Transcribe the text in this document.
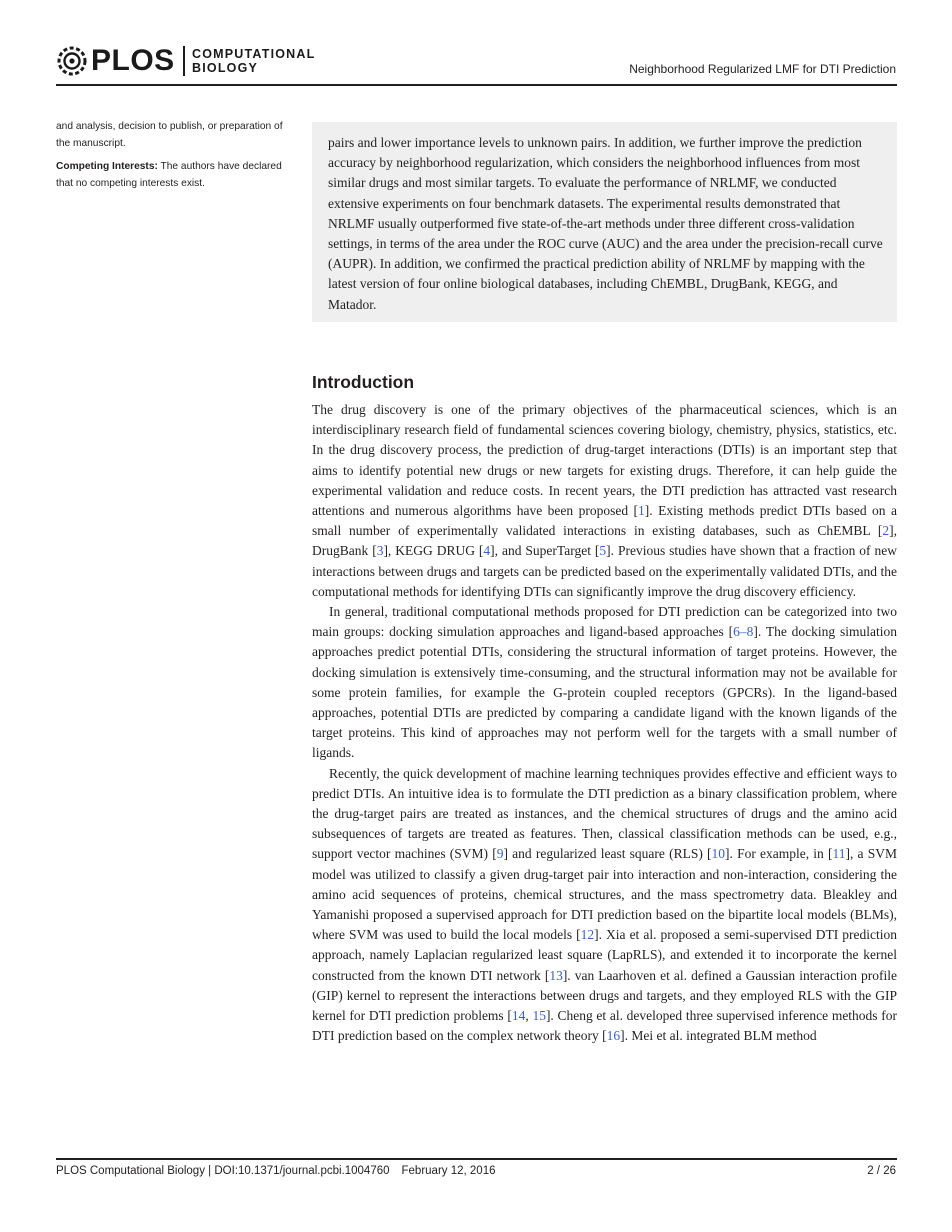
PLOS COMPUTATIONAL
BIOLOGY	Neighborhood Regularized LMF for DTI Prediction

and analysis, decision to publish, or preparation of the manuscript.

Competing Interests: The authors have declared that no competing interests exist.

pairs and lower importance levels to unknown pairs. In addition, we further improve the prediction accuracy by neighborhood regularization, which considers the neighborhood influences from most similar drugs and most similar targets. To evaluate the performance of NRLMF, we conducted extensive experiments on four benchmark datasets. The experimental results demonstrated that NRLMF usually outperformed five state-of-the-art methods under three different cross-validation settings, in terms of the area under the ROC curve (AUC) and the area under the precision-recall curve (AUPR). In addition, we confirmed the practical prediction ability of NRLMF by mapping with the latest version of four online biological databases, including ChEMBL, DrugBank, KEGG, and Matador.
Introduction

The drug discovery is one of the primary objectives of the pharmaceutical sciences, which is an interdisciplinary research field of fundamental sciences covering biology, chemistry, physics, statistics, etc. In the drug discovery process, the prediction of drug-target interactions (DTIs) is an important step that aims to identify potential new drugs or new targets for existing drugs. Therefore, it can help guide the experimental validation and reduce costs. In recent years, the DTI prediction has attracted vast research attentions and numerous algorithms have been proposed [1]. Existing methods predict DTIs based on a small number of experimentally validated interactions in existing databases, such as ChEMBL [2], DrugBank [3], KEGG DRUG [4], and SuperTarget [5]. Previous studies have shown that a fraction of new interactions between drugs and targets can be predicted based on the experimentally validated DTIs, and the computational methods for identifying DTIs can significantly improve the drug discovery efficiency.

In general, traditional computational methods proposed for DTI prediction can be categorized into two main groups: docking simulation approaches and ligand-based approaches [6–8]. The docking simulation approaches predict potential DTIs, considering the structural information of target proteins. However, the docking simulation is extensively time-consuming, and the structural information may not be available for some protein families, for example the G-protein coupled receptors (GPCRs). In the ligand-based approaches, potential DTIs are predicted by comparing a candidate ligand with the known ligands of the target proteins. This kind of approaches may not perform well for the targets with a small number of ligands.

Recently, the quick development of machine learning techniques provides effective and efficient ways to predict DTIs. An intuitive idea is to formulate the DTI prediction as a binary classification problem, where the drug-target pairs are treated as instances, and the chemical structures of drugs and the amino acid subsequences of targets are treated as features. Then, classical classification methods can be used, e.g., support vector machines (SVM) [9] and regularized least square (RLS) [10]. For example, in [11], a SVM model was utilized to classify a given drug-target pair into interaction and non-interaction, considering the amino acid sequences of proteins, chemical structures, and the mass spectrometry data. Bleakley and Yamanishi proposed a supervised approach for DTI prediction based on the bipartite local models (BLMs), where SVM was used to build the local models [12]. Xia et al. proposed a semi-supervised DTI prediction approach, namely Laplacian regularized least square (LapRLS), and extended it to incorporate the kernel constructed from the known DTI network [13]. van Laarhoven et al. defined a Gaussian interaction profile (GIP) kernel to represent the interactions between drugs and targets, and they employed RLS with the GIP kernel for DTI prediction problems [14, 15]. Cheng et al. developed three supervised inference methods for DTI prediction based on the complex network theory [16]. Mei et al. integrated BLM method

PLOS Computational Biology | DOI:10.1371/journal.pcbi.1004760 February 12, 2016	2 / 26
